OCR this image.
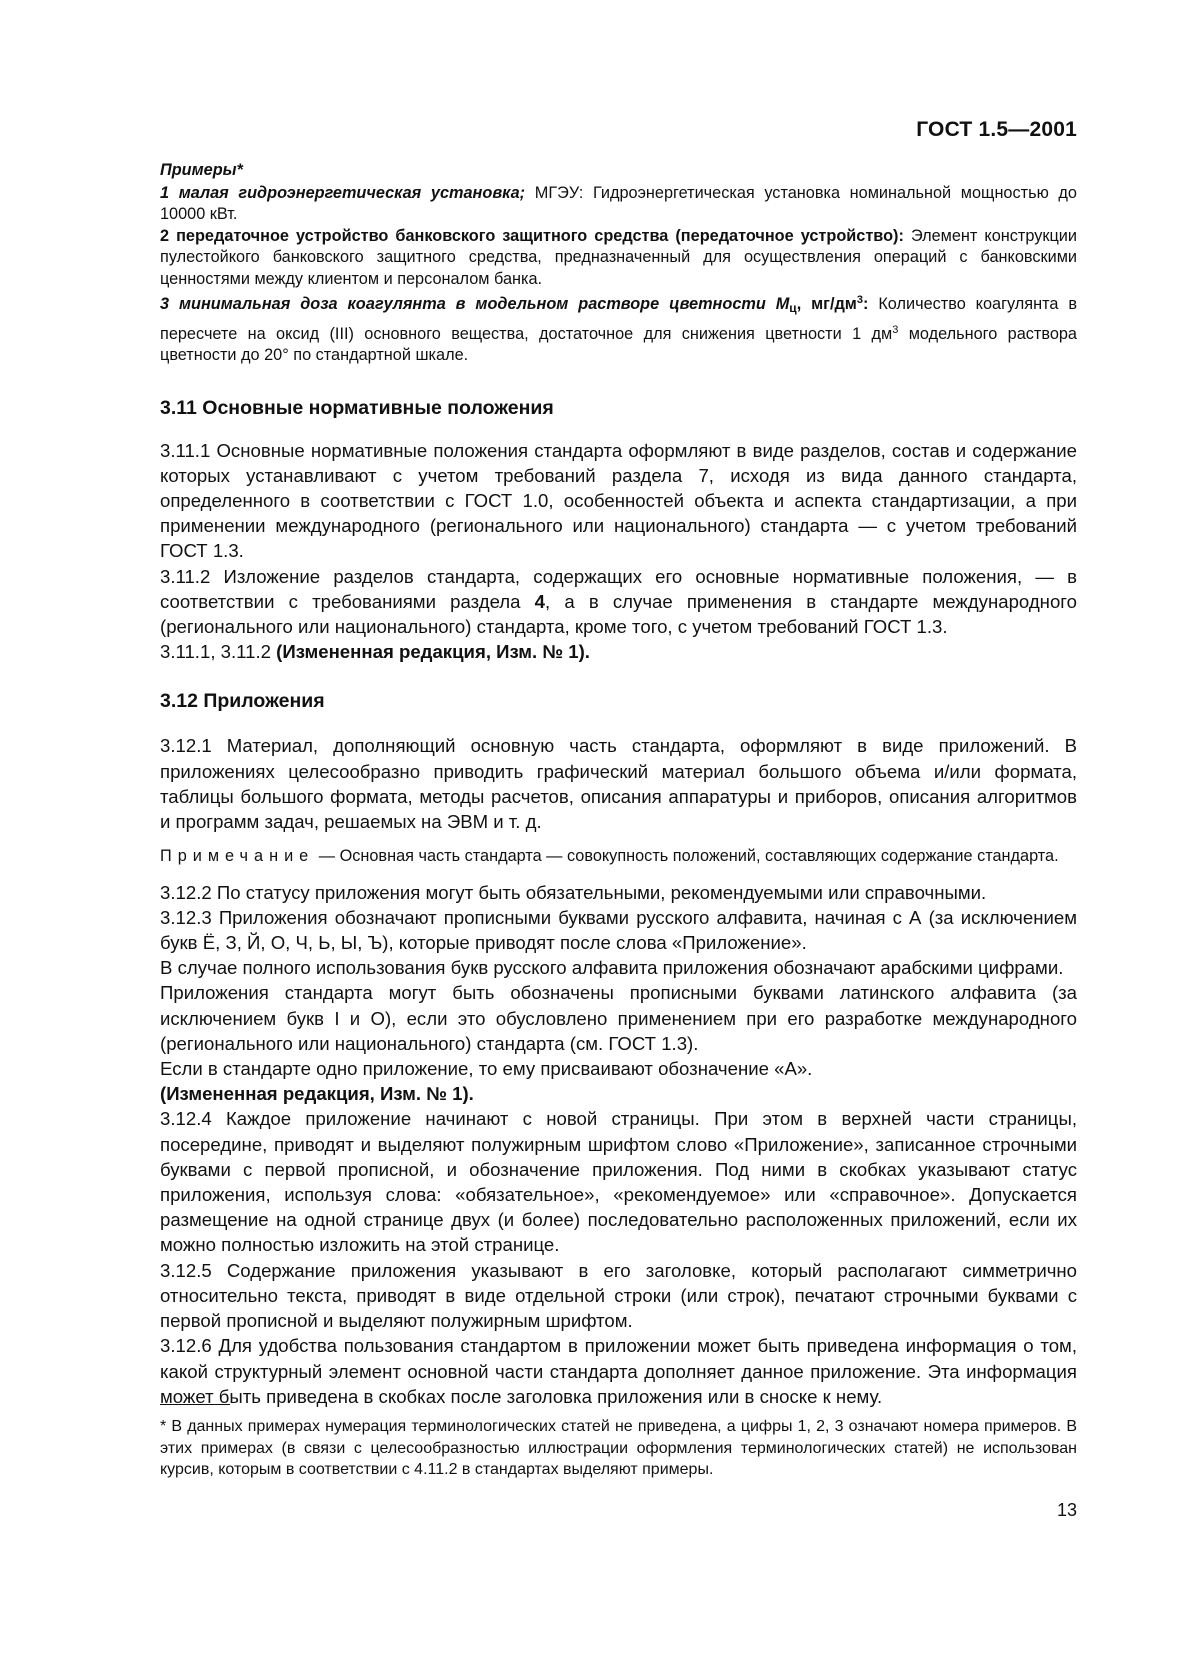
ГОСТ 1.5—2001

Примеры*

1 малая гидроэнергетическая установка; МГЭУ: Гидроэнергетическая установка номинальной мощностью до 10000 кВт.

2 передаточное устройство банковского защитного средства (передаточное устройство): Элемент конструкции пулестойкого банковского защитного средства, предназначенный для осуществления операций с банковскими ценностями между клиентом и персоналом банка.

3 минимальная доза коагулянта в модельном растворе цветности $М_ц$, $мг/дм^3$: Количество коагулянта в пересчете на оксид (III) основного вещества, достаточное для снижения цветности 1 $дм^3$ модельного раствора цветности до 20° по стандартной шкале.

3.11 Основные нормативные положения

3.11.1 Основные нормативные положения стандарта оформляют в виде разделов, состав и содержание которых устанавливают с учетом требований раздела 7, исходя из вида данного стандарта, определенного в соответствии с ГОСТ 1.0, особенностей объекта и аспекта стандартизации, а при применении международного (регионального или национального) стандарта — с учетом требований ГОСТ 1.3.

3.11.2 Изложение разделов стандарта, содержащих его основные нормативные положения, — в соответствии с требованиями раздела 4, а в случае применения в стандарте международного (регионального или национального) стандарта, кроме того, с учетом требований ГОСТ 1.3.

3.11.1, 3.11.2 (Измененная редакция, Изм. № 1).

3.12 Приложения

3.12.1 Материал, дополняющий основную часть стандарта, оформляют в виде приложений. В приложениях целесообразно приводить графический материал большого объема и/или формата, таблицы большого формата, методы расчетов, описания аппаратуры и приборов, описания алгоритмов и программ задач, решаемых на ЭВМ и т. д.

Примечание — Основная часть стандарта — совокупность положений, составляющих содержание стандарта.

3.12.2 По статусу приложения могут быть обязательными, рекомендуемыми или справочными.

3.12.3 Приложения обозначают прописными буквами русского алфавита, начиная с А (за исключением букв Ё, З, Й, О, Ч, Ь, Ы, Ъ), которые приводят после слова «Приложение».

В случае полного использования букв русского алфавита приложения обозначают арабскими цифрами.

Приложения стандарта могут быть обозначены прописными буквами латинского алфавита (за исключением букв I и O), если это обусловлено применением при его разработке международного (регионального или национального) стандарта (см. ГОСТ 1.3).

Если в стандарте одно приложение, то ему присваивают обозначение «А».

(Измененная редакция, Изм. № 1).

3.12.4 Каждое приложение начинают с новой страницы. При этом в верхней части страницы, посередине, приводят и выделяют полужирным шрифтом слово «Приложение», записанное строчными буквами с первой прописной, и обозначение приложения. Под ними в скобках указывают статус приложения, используя слова: «обязательное», «рекомендуемое» или «справочное». Допускается размещение на одной странице двух (и более) последовательно расположенных приложений, если их можно полностью изложить на этой странице.

3.12.5 Содержание приложения указывают в его заголовке, который располагают симметрично относительно текста, приводят в виде отдельной строки (или строк), печатают строчными буквами с первой прописной и выделяют полужирным шрифтом.

3.12.6 Для удобства пользования стандартом в приложении может быть приведена информация о том, какой структурный элемент основной части стандарта дополняет данное приложение. Эта информация может быть приведена в скобках после заголовка приложения или в сноске к нему.

* В данных примерах нумерация терминологических статей не приведена, а цифры 1, 2, 3 означают номера примеров. В этих примерах (в связи с целесообразностью иллюстрации оформления терминологических статей) не использован курсив, которым в соответствии с 4.11.2 в стандартах выделяют примеры.

13
